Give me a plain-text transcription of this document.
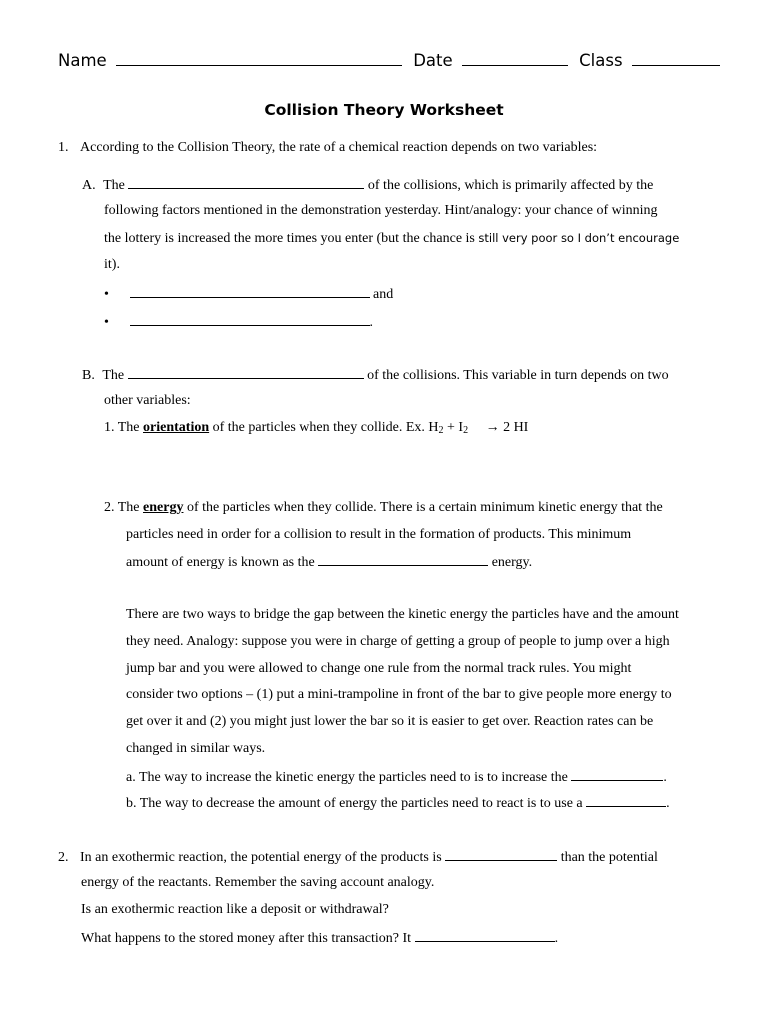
Name	Date	Class
Collision Theory Worksheet
1. According to the Collision Theory, the rate of a chemical reaction depends on two variables:
A. The	of the collisions, which is primarily affected by the
following factors mentioned in the demonstration yesterday. Hint/analogy: your chance of winning
the lottery is increased the more times you enter (but the chance is still very poor so I don’t encourage
it).
•	and
•	.
B. The	of the collisions. This variable in turn depends on two
other variables:
1. The orientation of the particles when they collide. Ex. $H_2 + I_2 \to 2$ HI
2. The energy of the particles when they collide. There is a certain minimum kinetic energy that the
particles need in order for a collision to result in the formation of products. This minimum
amount of energy is known as the	energy.
There are two ways to bridge the gap between the kinetic energy the particles have and the amount
they need. Analogy: suppose you were in charge of getting a group of people to jump over a high
jump bar and you were allowed to change one rule from the normal track rules. You might
consider two options – (1) put a mini-trampoline in front of the bar to give people more energy to
get over it and (2) you might just lower the bar so it is easier to get over. Reaction rates can be
changed in similar ways.
a. The way to increase the kinetic energy the particles need to is to increase the	.
b. The way to decrease the amount of energy the particles need to react is to use a	.
2. In an exothermic reaction, the potential energy of the products is	than the potential
energy of the reactants. Remember the saving account analogy.
Is an exothermic reaction like a deposit or withdrawal?
What happens to the stored money after this transaction? It	.
